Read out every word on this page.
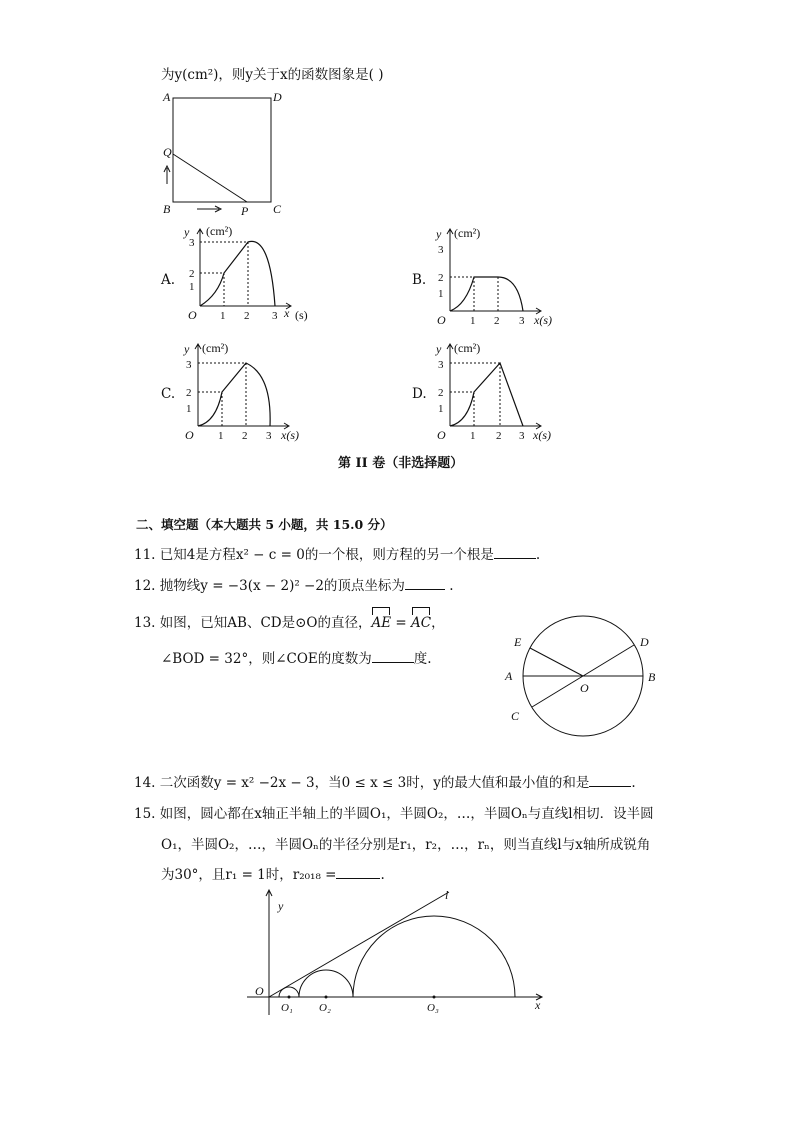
为y(cm²)，则y关于x的函数图象是( )
A	D
Q
B	P C
A.
y (cm²)
3
2
1
O 1 2 3 x (s)
B.
y (cm²)
3
2
1
O 1 2 3 x(s)
C.
y (cm²)
3
2
1
O 1 2 3 x(s)
D.
y (cm²)
3
2
1
O 1 2 3 x(s)
第 II 卷（非选择题）
二、填空题（本大题共 5 小题，共 15.0 分）
11. 已知4是方程x² − c = 0的一个根，则方程的另一个根是	.
12. 抛物线y = −3(x − 2)² −2的顶点坐标为	.
13. 如图，已知AB、CD是⊙O的直径，AE = AC，
∠BOD = 32°，则∠COE的度数为	度.
E	D
A
O
B
C
14. 二次函数y = x² −2x − 3，当0 ≤ x ≤ 3时，y的最大值和最小值的和是	.
15. 如图，圆心都在x轴正半轴上的半圆O₁，半圆O₂，…，半圆Oₙ与直线l相切．设半圆
O₁，半圆O₂，…，半圆Oₙ的半径分别是r₁，r₂，…，rₙ，则当直线l与x轴所成锐角
为30°，且r₁ = 1时，r₂₀₁₈ =	.
y
l
O
O₁ O₂	O₃	x
